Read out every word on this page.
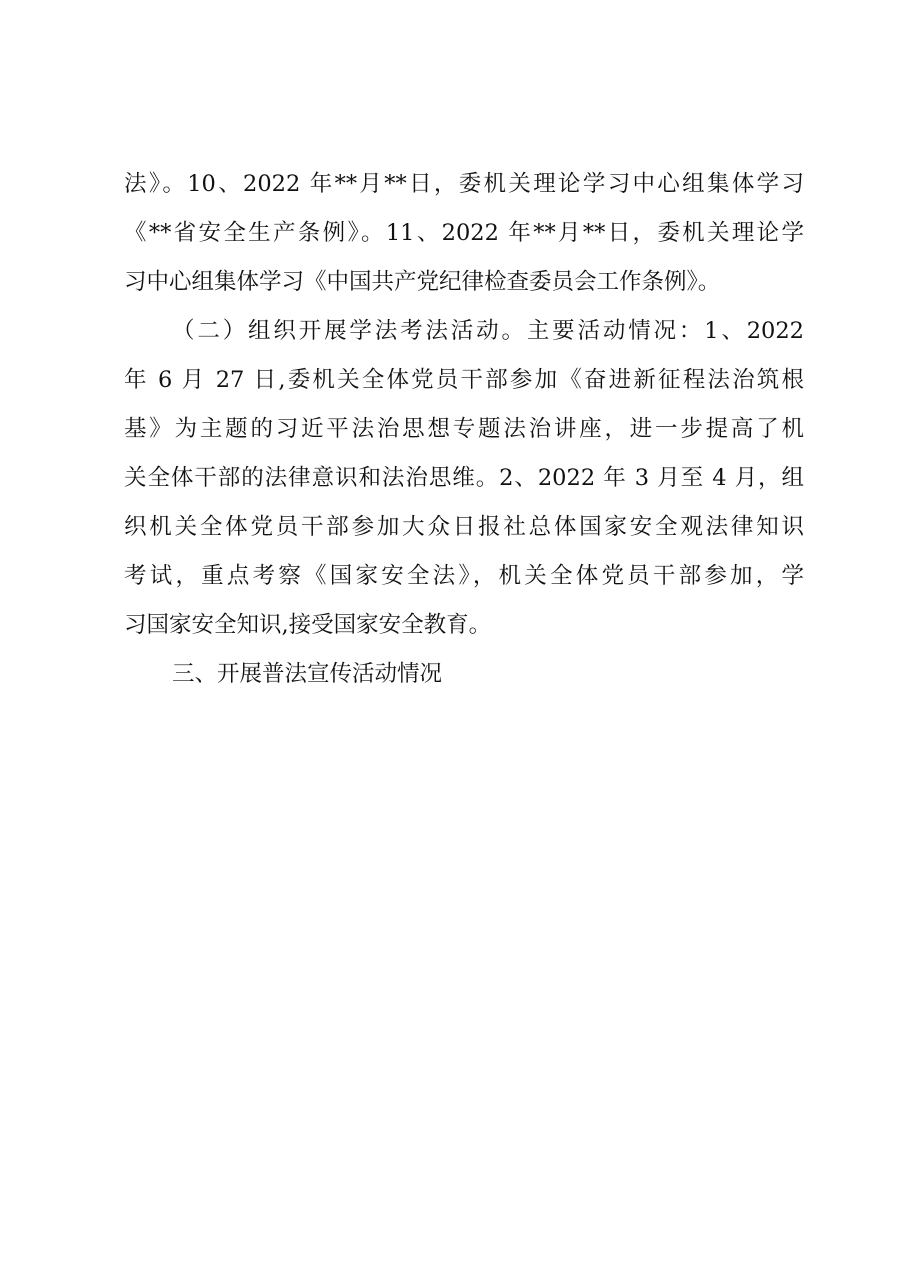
法》。10、2022 年**月**日，委机关理论学习中心组集体学习
《**省安全生产条例》。11、2022 年**月**日，委机关理论学
习中心组集体学习《中国共产党纪律检查委员会工作条例》。
（二）组织开展学法考法活动。主要活动情况：1、2022
年 6 月 27 日,委机关全体党员干部参加《奋进新征程法治筑根
基》为主题的习近平法治思想专题法治讲座，进一步提高了机
关全体干部的法律意识和法治思维。2、2022 年 3 月至 4 月，组
织机关全体党员干部参加大众日报社总体国家安全观法律知识
考试，重点考察《国家安全法》，机关全体党员干部参加，学
习国家安全知识,接受国家安全教育。
三、开展普法宣传活动情况
